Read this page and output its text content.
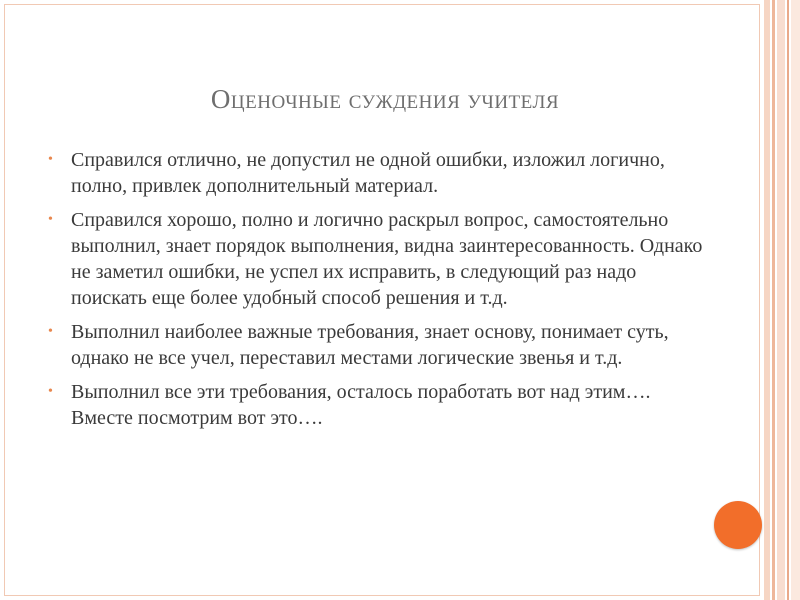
Оценочные суждения учителя
• Справился отлично, не допустил не одной ошибки, изложил логично, полно, привлек дополнительный материал.
• Справился хорошо, полно и логично раскрыл вопрос, самостоятельно выполнил, знает порядок выполнения, видна заинтересованность. Однако не заметил ошибки, не успел их исправить, в следующий раз надо поискать еще более удобный способ решения и т.д.
• Выполнил наиболее важные требования, знает основу, понимает суть, однако не все учел, переставил местами логические звенья и т.д.
• Выполнил все эти требования, осталось поработать вот над этим…. Вместе посмотрим вот это….
